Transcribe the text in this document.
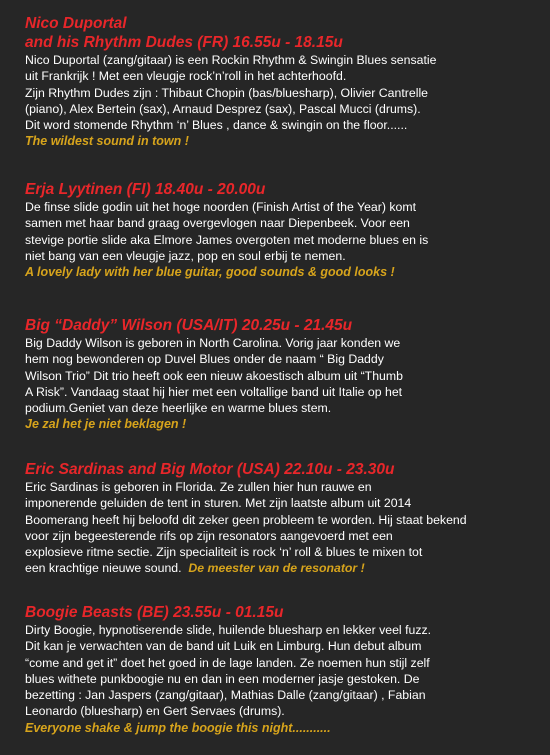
Nico Duportal
and his Rhythm Dudes (FR) 16.55u - 18.15u

Nico Duportal (zang/gitaar) is een Rockin Rhythm & Swingin Blues sensatie

uit Frankrijk ! Met een vleugje rock’n’roll in het achterhoofd.

Zijn Rhythm Dudes zijn : Thibaut Chopin (bas/bluesharp), Olivier Cantrelle

(piano), Alex Bertein (sax), Arnaud Desprez (sax), Pascal Mucci (drums).

Dit word stomende Rhythm ‘n’ Blues , dance & swingin on the floor......

The wildest sound in town !
Erja Lyytinen (FI) 18.40u - 20.00u

De finse slide godin uit het hoge noorden (Finish Artist of the Year) komt

samen met haar band graag overgevlogen naar Diepenbeek. Voor een

stevige portie slide aka Elmore James overgoten met moderne blues en is

niet bang van een vleugje jazz, pop en soul erbij te nemen.

A lovely lady with her blue guitar, good sounds & good looks !
Big “Daddy” Wilson (USA/IT) 20.25u - 21.45u

Big Daddy Wilson is geboren in North Carolina. Vorig jaar konden we

hem nog bewonderen op Duvel Blues onder de naam “ Big Daddy

Wilson Trio” Dit trio heeft ook een nieuw akoestisch album uit “Thumb

A Risk”. Vandaag staat hij hier met een voltallige band uit Italie op het

podium.Geniet van deze heerlijke en warme blues stem.

Je zal het je niet beklagen !
Eric Sardinas and Big Motor (USA) 22.10u - 23.30u

Eric Sardinas is geboren in Florida. Ze zullen hier hun rauwe en

imponerende geluiden de tent in sturen. Met zijn laatste album uit 2014

Boomerang heeft hij beloofd dit zeker geen probleem te worden. Hij staat bekend

voor zijn begeesterende rifs op zijn resonators aangevoerd met een

explosieve ritme sectie. Zijn specialiteit is rock ‘n’ roll & blues te mixen tot

een krachtige nieuwe sound. De meester van de resonator !

Boogie Beasts (BE) 23.55u - 01.15u

Dirty Boogie, hypnotiserende slide, huilende bluesharp en lekker veel fuzz.

Dit kan je verwachten van de band uit Luik en Limburg. Hun debut album

“come and get it” doet het goed in de lage landen. Ze noemen hun stijl zelf

blues withete punkboogie nu en dan in een moderner jasje gestoken. De

bezetting : Jan Jaspers (zang/gitaar), Mathias Dalle (zang/gitaar) , Fabian

Leonardo (bluesharp) en Gert Servaes (drums).

Everyone shake & jump the boogie this night...........
